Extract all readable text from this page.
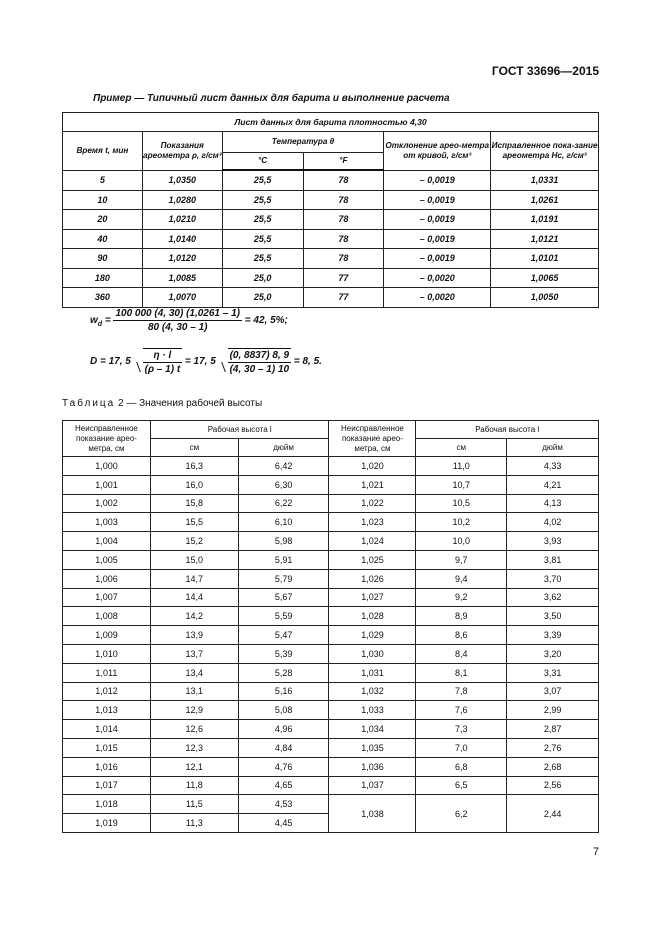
ГОСТ 33696—2015
Пример — Типичный лист данных для барита и выполнение расчета
Лист данных для барита плотностью 4,30					
Время t, мин	Показания ареометра ρ, г/см³	Температура θ		Отклонение арео-метра от кривой, г/см³	Исправленное пока-зание ареометра Hc, г/см³
		°C	°F		
5	1,0350	25,5	78	– 0,0019	1,0331
10	1,0280	25,5	78	– 0,0019	1,0261
20	1,0210	25,5	78	– 0,0019	1,0191
40	1,0140	25,5	78	– 0,0019	1,0121
90	1,0120	25,5	78	– 0,0019	1,0101
180	1,0085	25,0	77	– 0,0020	1,0065
360	1,0070	25,0	77	– 0,0020	1,0050
$w_d = \frac{100 000 (4, 30) (1,0261 - 1)}{80 (4, 30 - 1)} = 42$, 5%;
D = 17, $5 \frac{\eta \cdot l}{(\rho - 1) t} = 17$, $5 \frac{(0, 8837) 8, 9}{(4, 30 - 1) 10} = 8$, 5.
Таблица 2 — Значения рабочей высоты
Неисправленное показание арео-метра, см	Рабочая высота l		Неисправленное показание арео-метра, см	Рабочая высота l	
	см	дюйм		см	дюйм
1,000	16,3	6,42	1,020	11,0	4,33
1,001	16,0	6,30	1,021	10,7	4,21
1,002	15,8	6,22	1,022	10,5	4,13
1,003	15,5	6,10	1,023	10,2	4,02
1,004	15,2	5,98	1,024	10,0	3,93
1,005	15,0	5,91	1,025	9,7	3,81
1,006	14,7	5,79	1,026	9,4	3,70
1,007	14,4	5,67	1,027	9,2	3,62
1,008	14,2	5,59	1,028	8,9	3,50
1,009	13,9	5,47	1,029	8,6	3,39
1,010	13,7	5,39	1,030	8,4	3,20
1,011	13,4	5,28	1,031	8,1	3,31
1,012	13,1	5,16	1,032	7,8	3,07
1,013	12,9	5,08	1,033	7,6	2,99
1,014	12,6	4,96	1,034	7,3	2,87
1,015	12,3	4,84	1,035	7,0	2,76
1,016	12,1	4,76	1,036	6,8	2,68
1,017	11,8	4,65	1,037	6,5	2,56
1,018	11,5	4,53	1,038	6,2	2,44
1,019	11,3	4,45			
7
